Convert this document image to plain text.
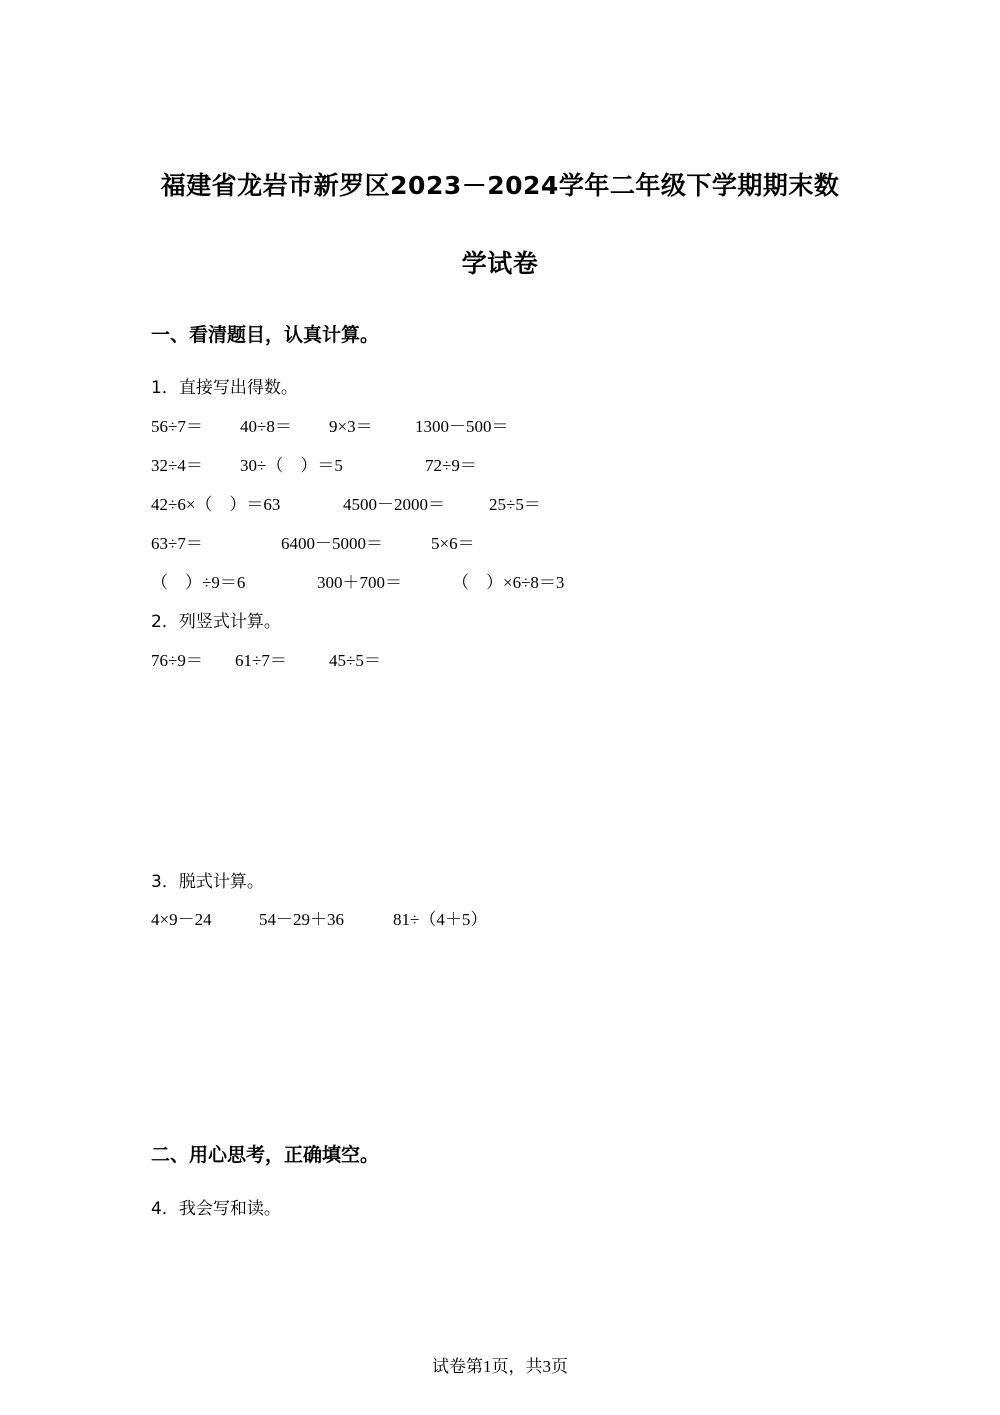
福建省龙岩市新罗区2023－2024学年二年级下学期期末数
学试卷
一、看清题目，认真计算。
1．直接写出得数。
56÷7＝ 40÷8＝ 9×3＝ 1300－500＝
32÷4＝ 30÷（　）＝5	72÷9＝
42÷6×（　）＝63	4500－2000＝	25÷5＝
63÷7＝	6400－5000＝	5×6＝
（　）÷9＝6	300＋700＝	（　）×6÷8＝3
2．列竖式计算。
76÷9＝ 61÷7＝ 45÷5＝
3．脱式计算。
4×9－24	54－29＋36	81÷（4＋5）
二、用心思考，正确填空。
4．我会写和读。
试卷第1页，共3页
